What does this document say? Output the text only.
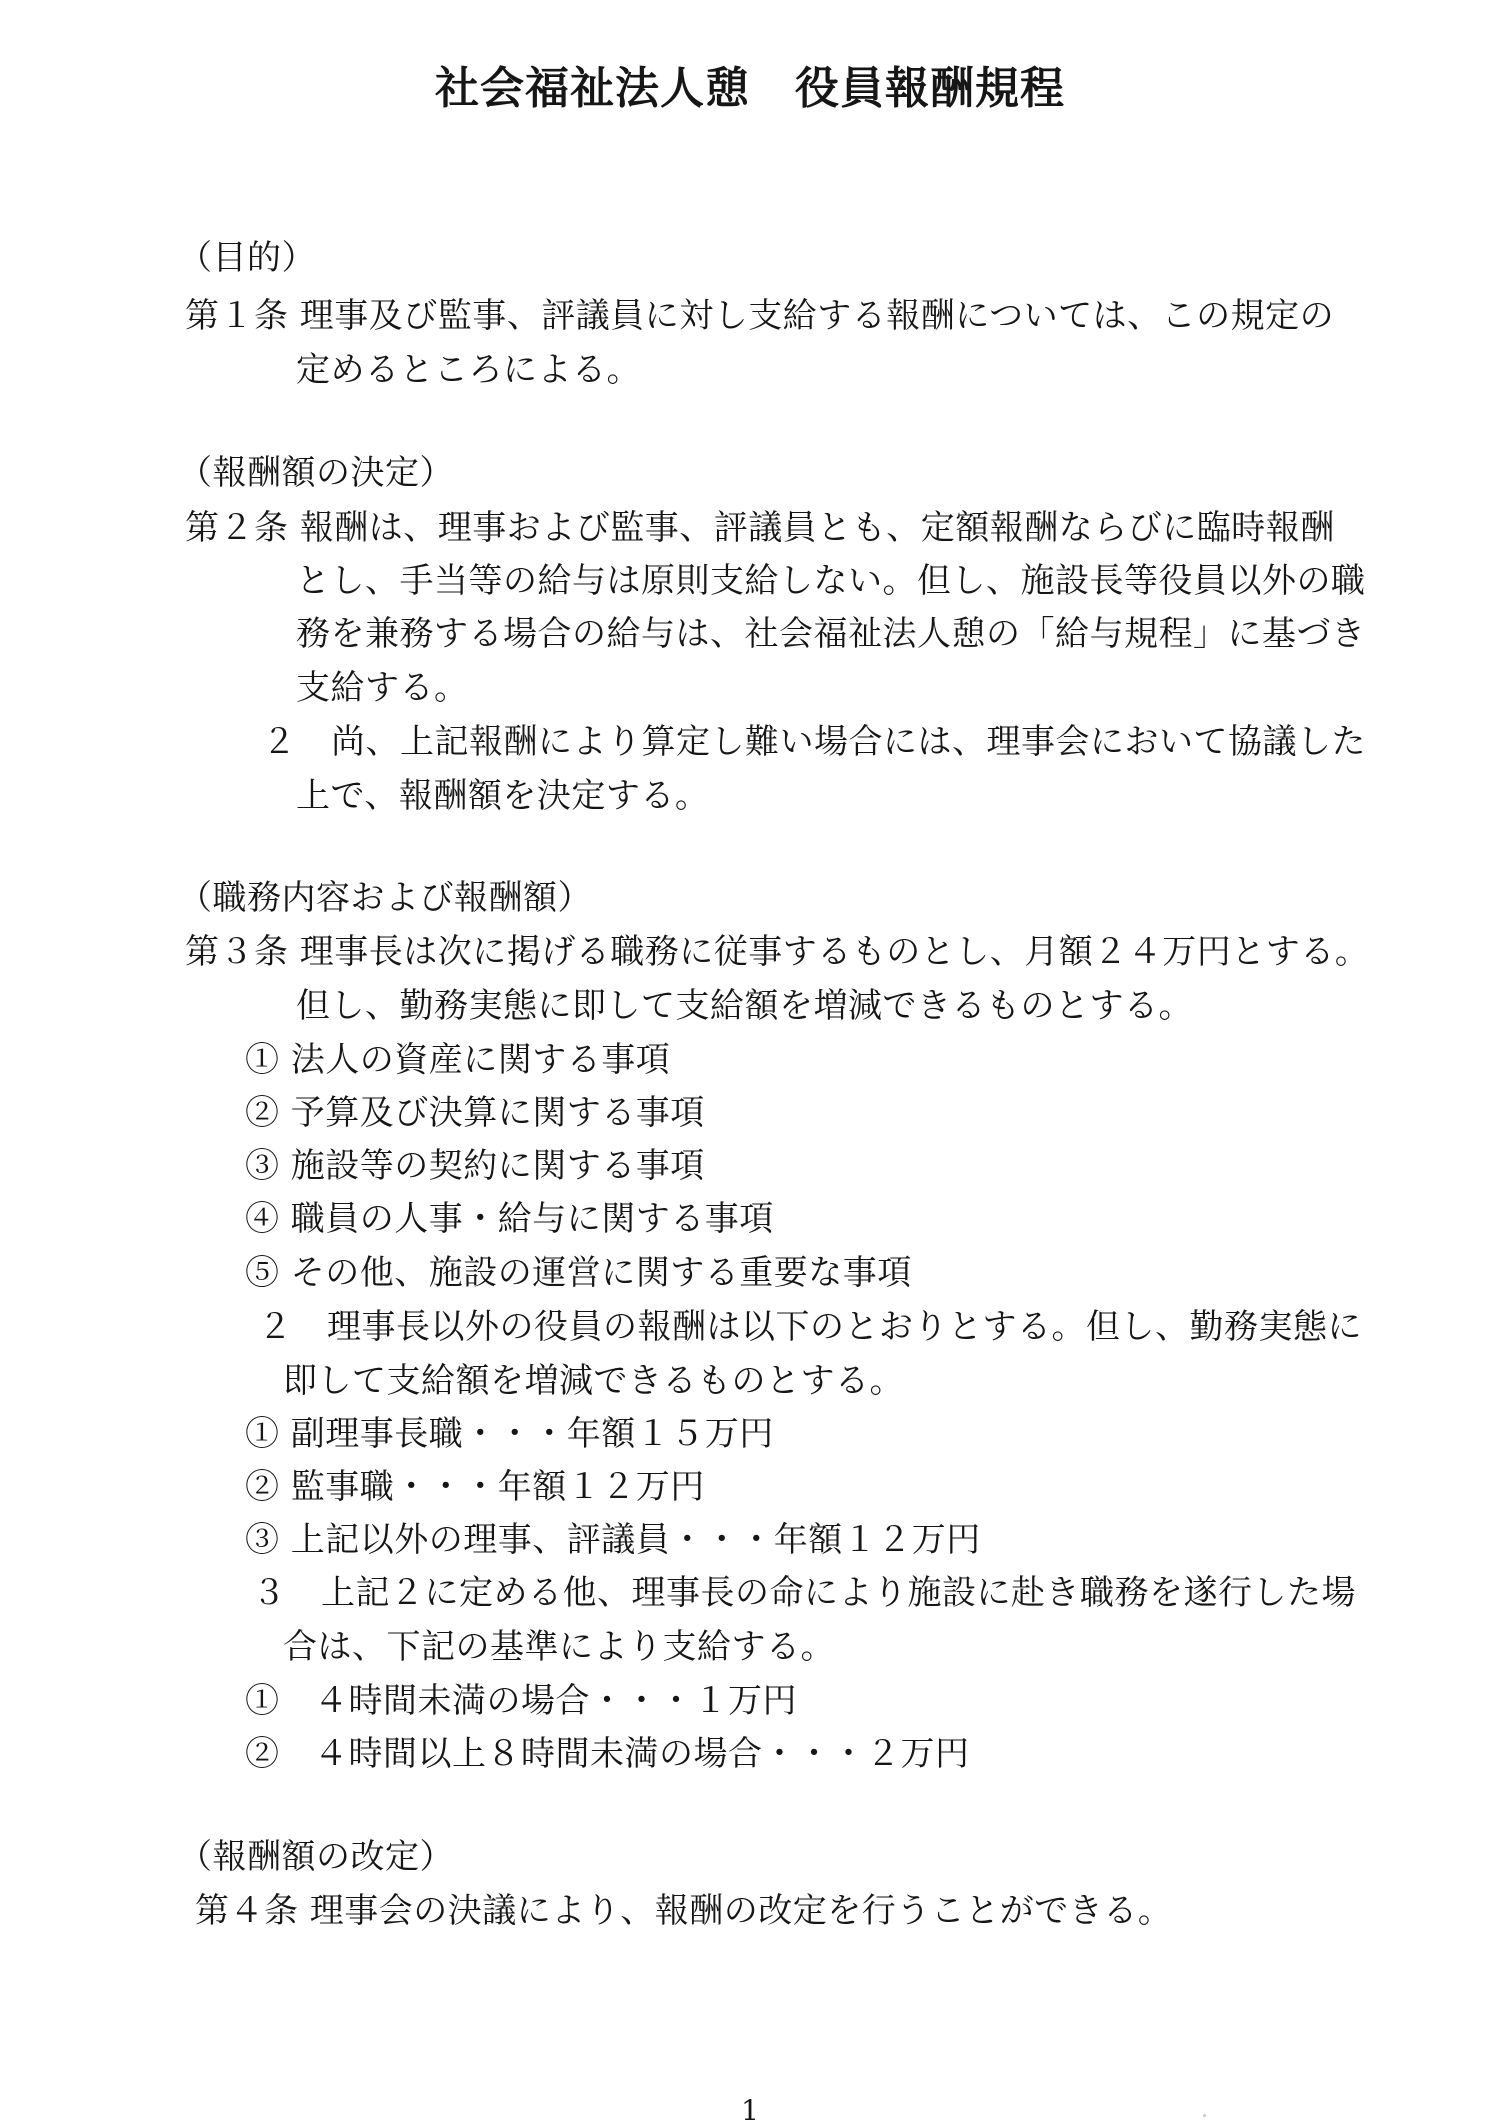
社会福祉法人憩　役員報酬規程
（目的）
第１条 理事及び監事、評議員に対し支給する報酬については、この規定の
定めるところによる。
（報酬額の決定）
第２条 報酬は、理事および監事、評議員とも、定額報酬ならびに臨時報酬
とし、手当等の給与は原則支給しない。但し、施設長等役員以外の職
務を兼務する場合の給与は、社会福祉法人憩の「給与規程」に基づき
支給する。
２　尚、上記報酬により算定し難い場合には、理事会において協議した
上で、報酬額を決定する。
（職務内容および報酬額）
第３条 理事長は次に掲げる職務に従事するものとし、月額２４万円とする。
但し、勤務実態に即して支給額を増減できるものとする。
① 法人の資産に関する事項
② 予算及び決算に関する事項
③ 施設等の契約に関する事項
④ 職員の人事・給与に関する事項
⑤ その他、施設の運営に関する重要な事項
２　理事長以外の役員の報酬は以下のとおりとする。但し、勤務実態に
即して支給額を増減できるものとする。
① 副理事長職・・・年額１５万円
② 監事職・・・年額１２万円
③ 上記以外の理事、評議員・・・年額１２万円
３　上記２に定める他、理事長の命により施設に赴き職務を遂行した場
合は、下記の基準により支給する。
①　４時間未満の場合・・・１万円
②　４時間以上８時間未満の場合・・・２万円
（報酬額の改定）
第４条 理事会の決議により、報酬の改定を行うことができる。
1
